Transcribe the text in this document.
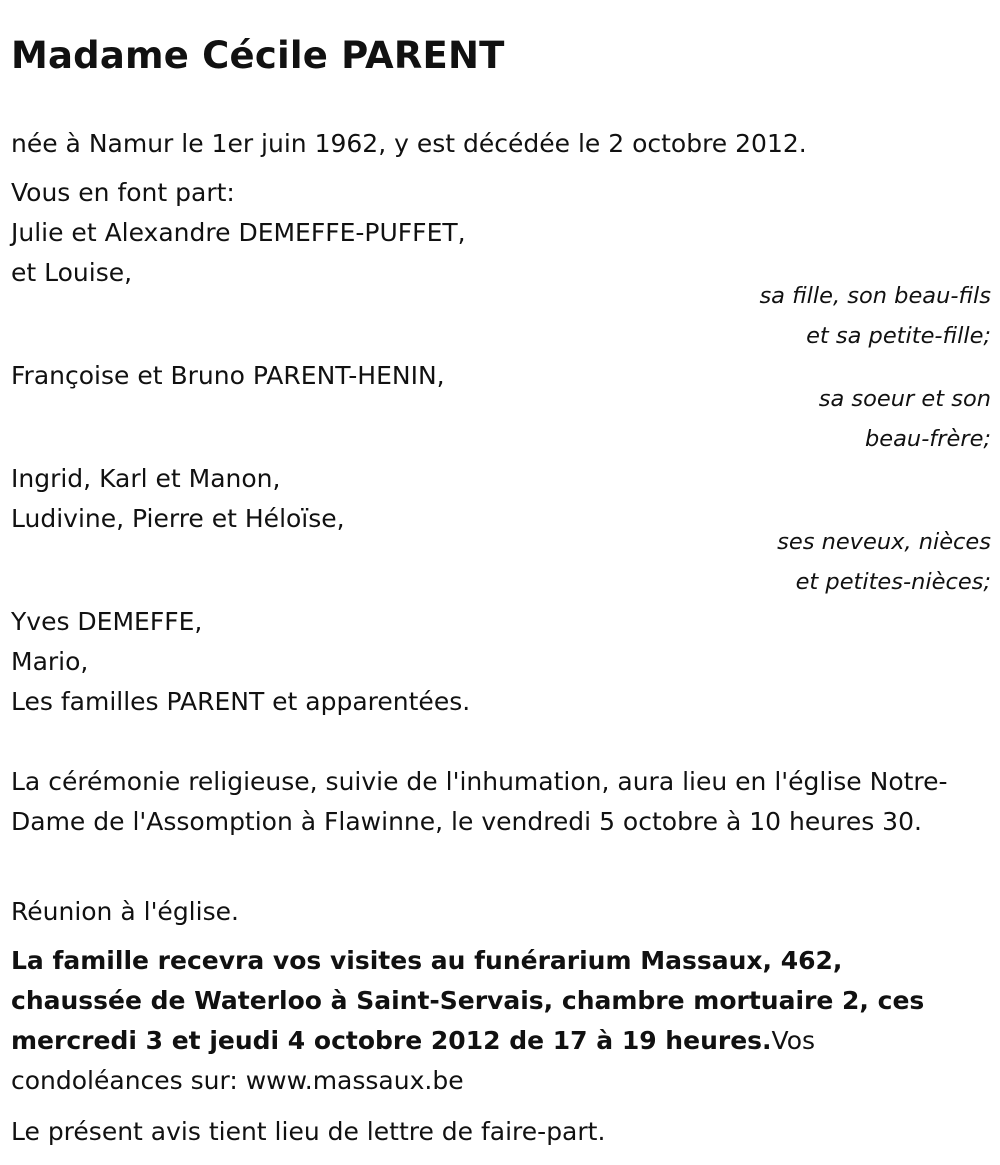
Madame Cécile PARENT

née à Namur le 1er juin 1962, y est décédée le 2 octobre 2012.

Vous en font part:

Julie et Alexandre DEMEFFE-PUFFET,

et Louise,

sa fille, son beau-fils

et sa petite-fille;

Françoise et Bruno PARENT-HENIN,

sa soeur et son

beau-frère;

Ingrid, Karl et Manon,

Ludivine, Pierre et Héloïse,

ses neveux, nièces

et petites-nièces;

Yves DEMEFFE,

Mario,

Les familles PARENT et apparentées.

La cérémonie religieuse, suivie de l'inhumation, aura lieu en l'église Notre-Dame de l'Assomption à Flawinne, le vendredi 5 octobre à 10 heures 30.

Réunion à l'église.

La famille recevra vos visites au funérarium Massaux, 462, chaussée de Waterloo à Saint-Servais, chambre mortuaire 2, ces mercredi 3 et jeudi 4 octobre 2012 de 17 à 19 heures.Vos condoléances sur: www.massaux.be

Le présent avis tient lieu de lettre de faire-part.
